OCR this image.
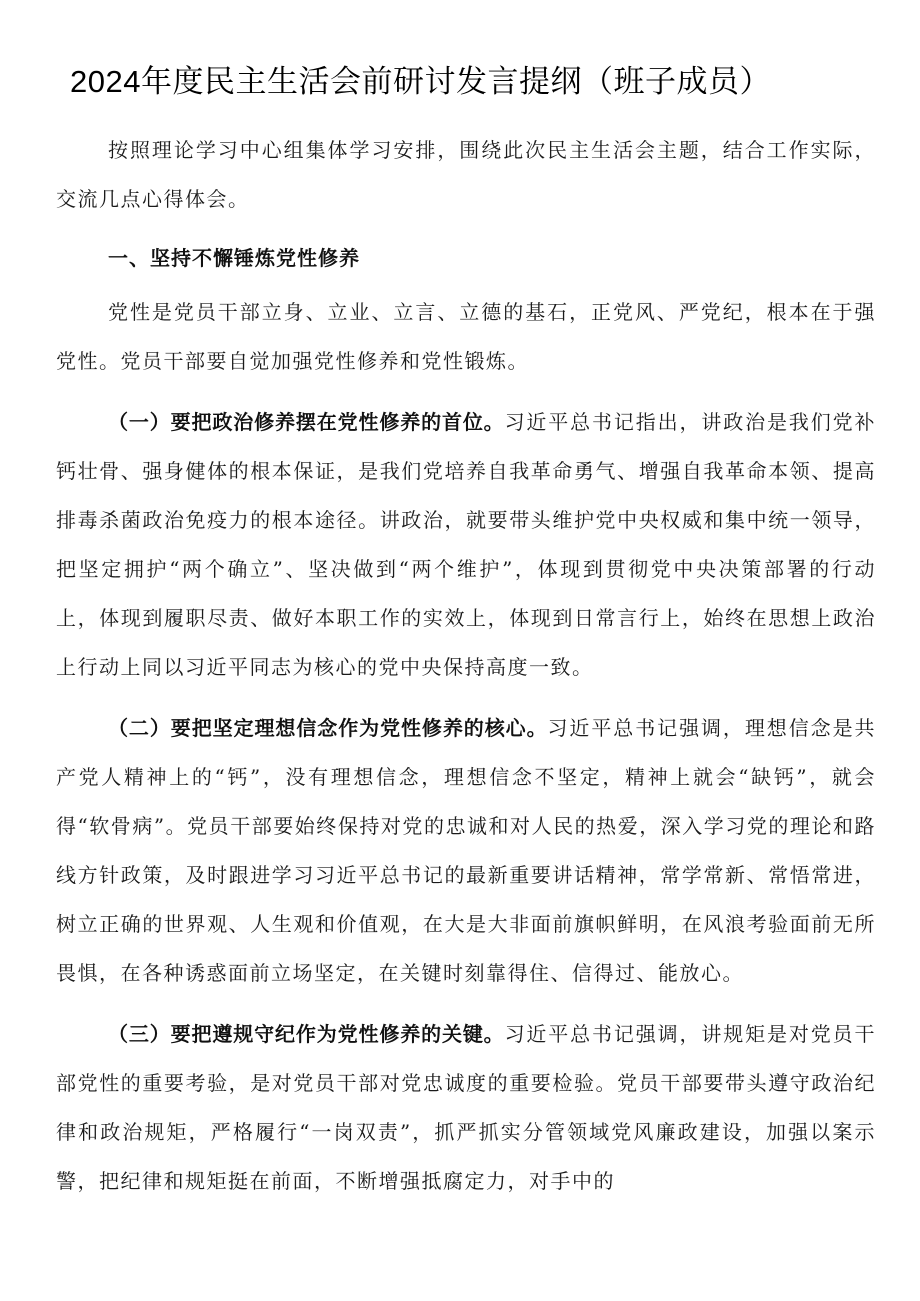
2024年度民主生活会前研讨发言提纲（班子成员）

按照理论学习中心组集体学习安排，围绕此次民主生活会主题，结合工作实际，交流几点心得体会。

一、坚持不懈锤炼党性修养

党性是党员干部立身、立业、立言、立德的基石，正党风、严党纪，根本在于强党性。党员干部要自觉加强党性修养和党性锻炼。

（一）要把政治修养摆在党性修养的首位。习近平总书记指出，讲政治是我们党补钙壮骨、强身健体的根本保证，是我们党培养自我革命勇气、增强自我革命本领、提高排毒杀菌政治免疫力的根本途径。讲政治，就要带头维护党中央权威和集中统一领导，把坚定拥护“两个确立”、坚决做到“两个维护”，体现到贯彻党中央决策部署的行动上，体现到履职尽责、做好本职工作的实效上，体现到日常言行上，始终在思想上政治上行动上同以习近平同志为核心的党中央保持高度一致。

（二）要把坚定理想信念作为党性修养的核心。习近平总书记强调，理想信念是共产党人精神上的“钙”，没有理想信念，理想信念不坚定，精神上就会“缺钙”，就会得“软骨病”。党员干部要始终保持对党的忠诚和对人民的热爱，深入学习党的理论和路线方针政策，及时跟进学习习近平总书记的最新重要讲话精神，常学常新、常悟常进，树立正确的世界观、人生观和价值观，在大是大非面前旗帜鲜明，在风浪考验面前无所畏惧，在各种诱惑面前立场坚定，在关键时刻靠得住、信得过、能放心。

（三）要把遵规守纪作为党性修养的关键。习近平总书记强调，讲规矩是对党员干部党性的重要考验，是对党员干部对党忠诚度的重要检验。党员干部要带头遵守政治纪律和政治规矩，严格履行“一岗双责”，抓严抓实分管领域党风廉政建设，加强以案示警，把纪律和规矩挺在前面，不断增强抵腐定力，对手中的
